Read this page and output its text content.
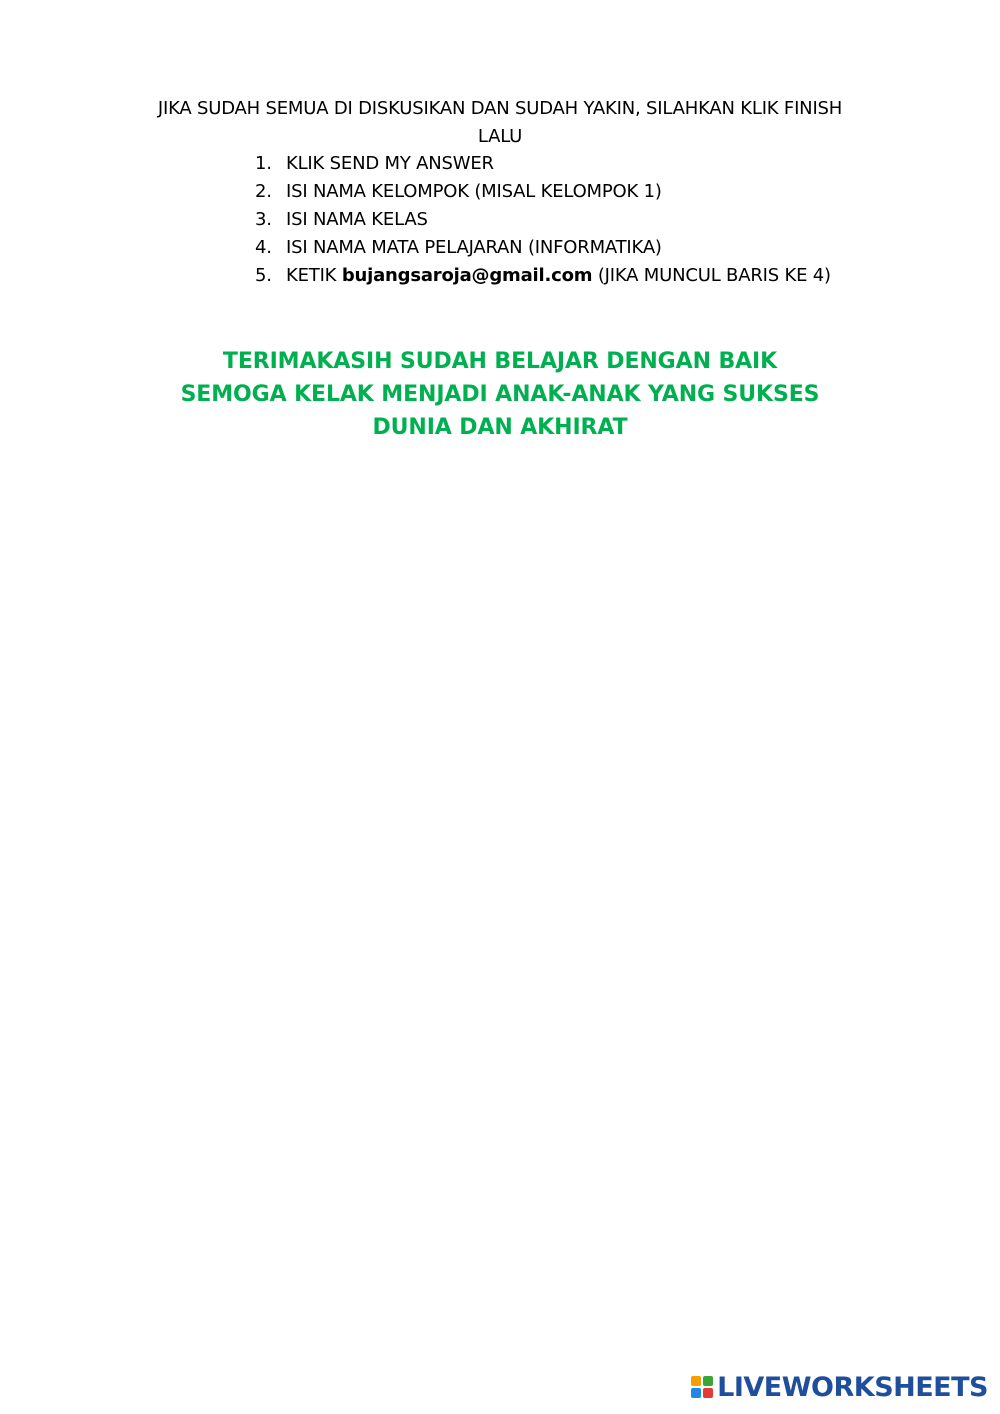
JIKA SUDAH SEMUA DI DISKUSIKAN DAN SUDAH YAKIN, SILAHKAN KLIK FINISH
LALU
1. KLIK SEND MY ANSWER
2. ISI NAMA KELOMPOK (MISAL KELOMPOK 1)
3. ISI NAMA KELAS
4. ISI NAMA MATA PELAJARAN (INFORMATIKA)
5. KETIK bujangsaroja@gmail.com (JIKA MUNCUL BARIS KE 4)
TERIMAKASIH SUDAH BELAJAR DENGAN BAIK
SEMOGA KELAK MENJADI ANAK-ANAK YANG SUKSES
DUNIA DAN AKHIRAT
LIVEWORKSHEETS
